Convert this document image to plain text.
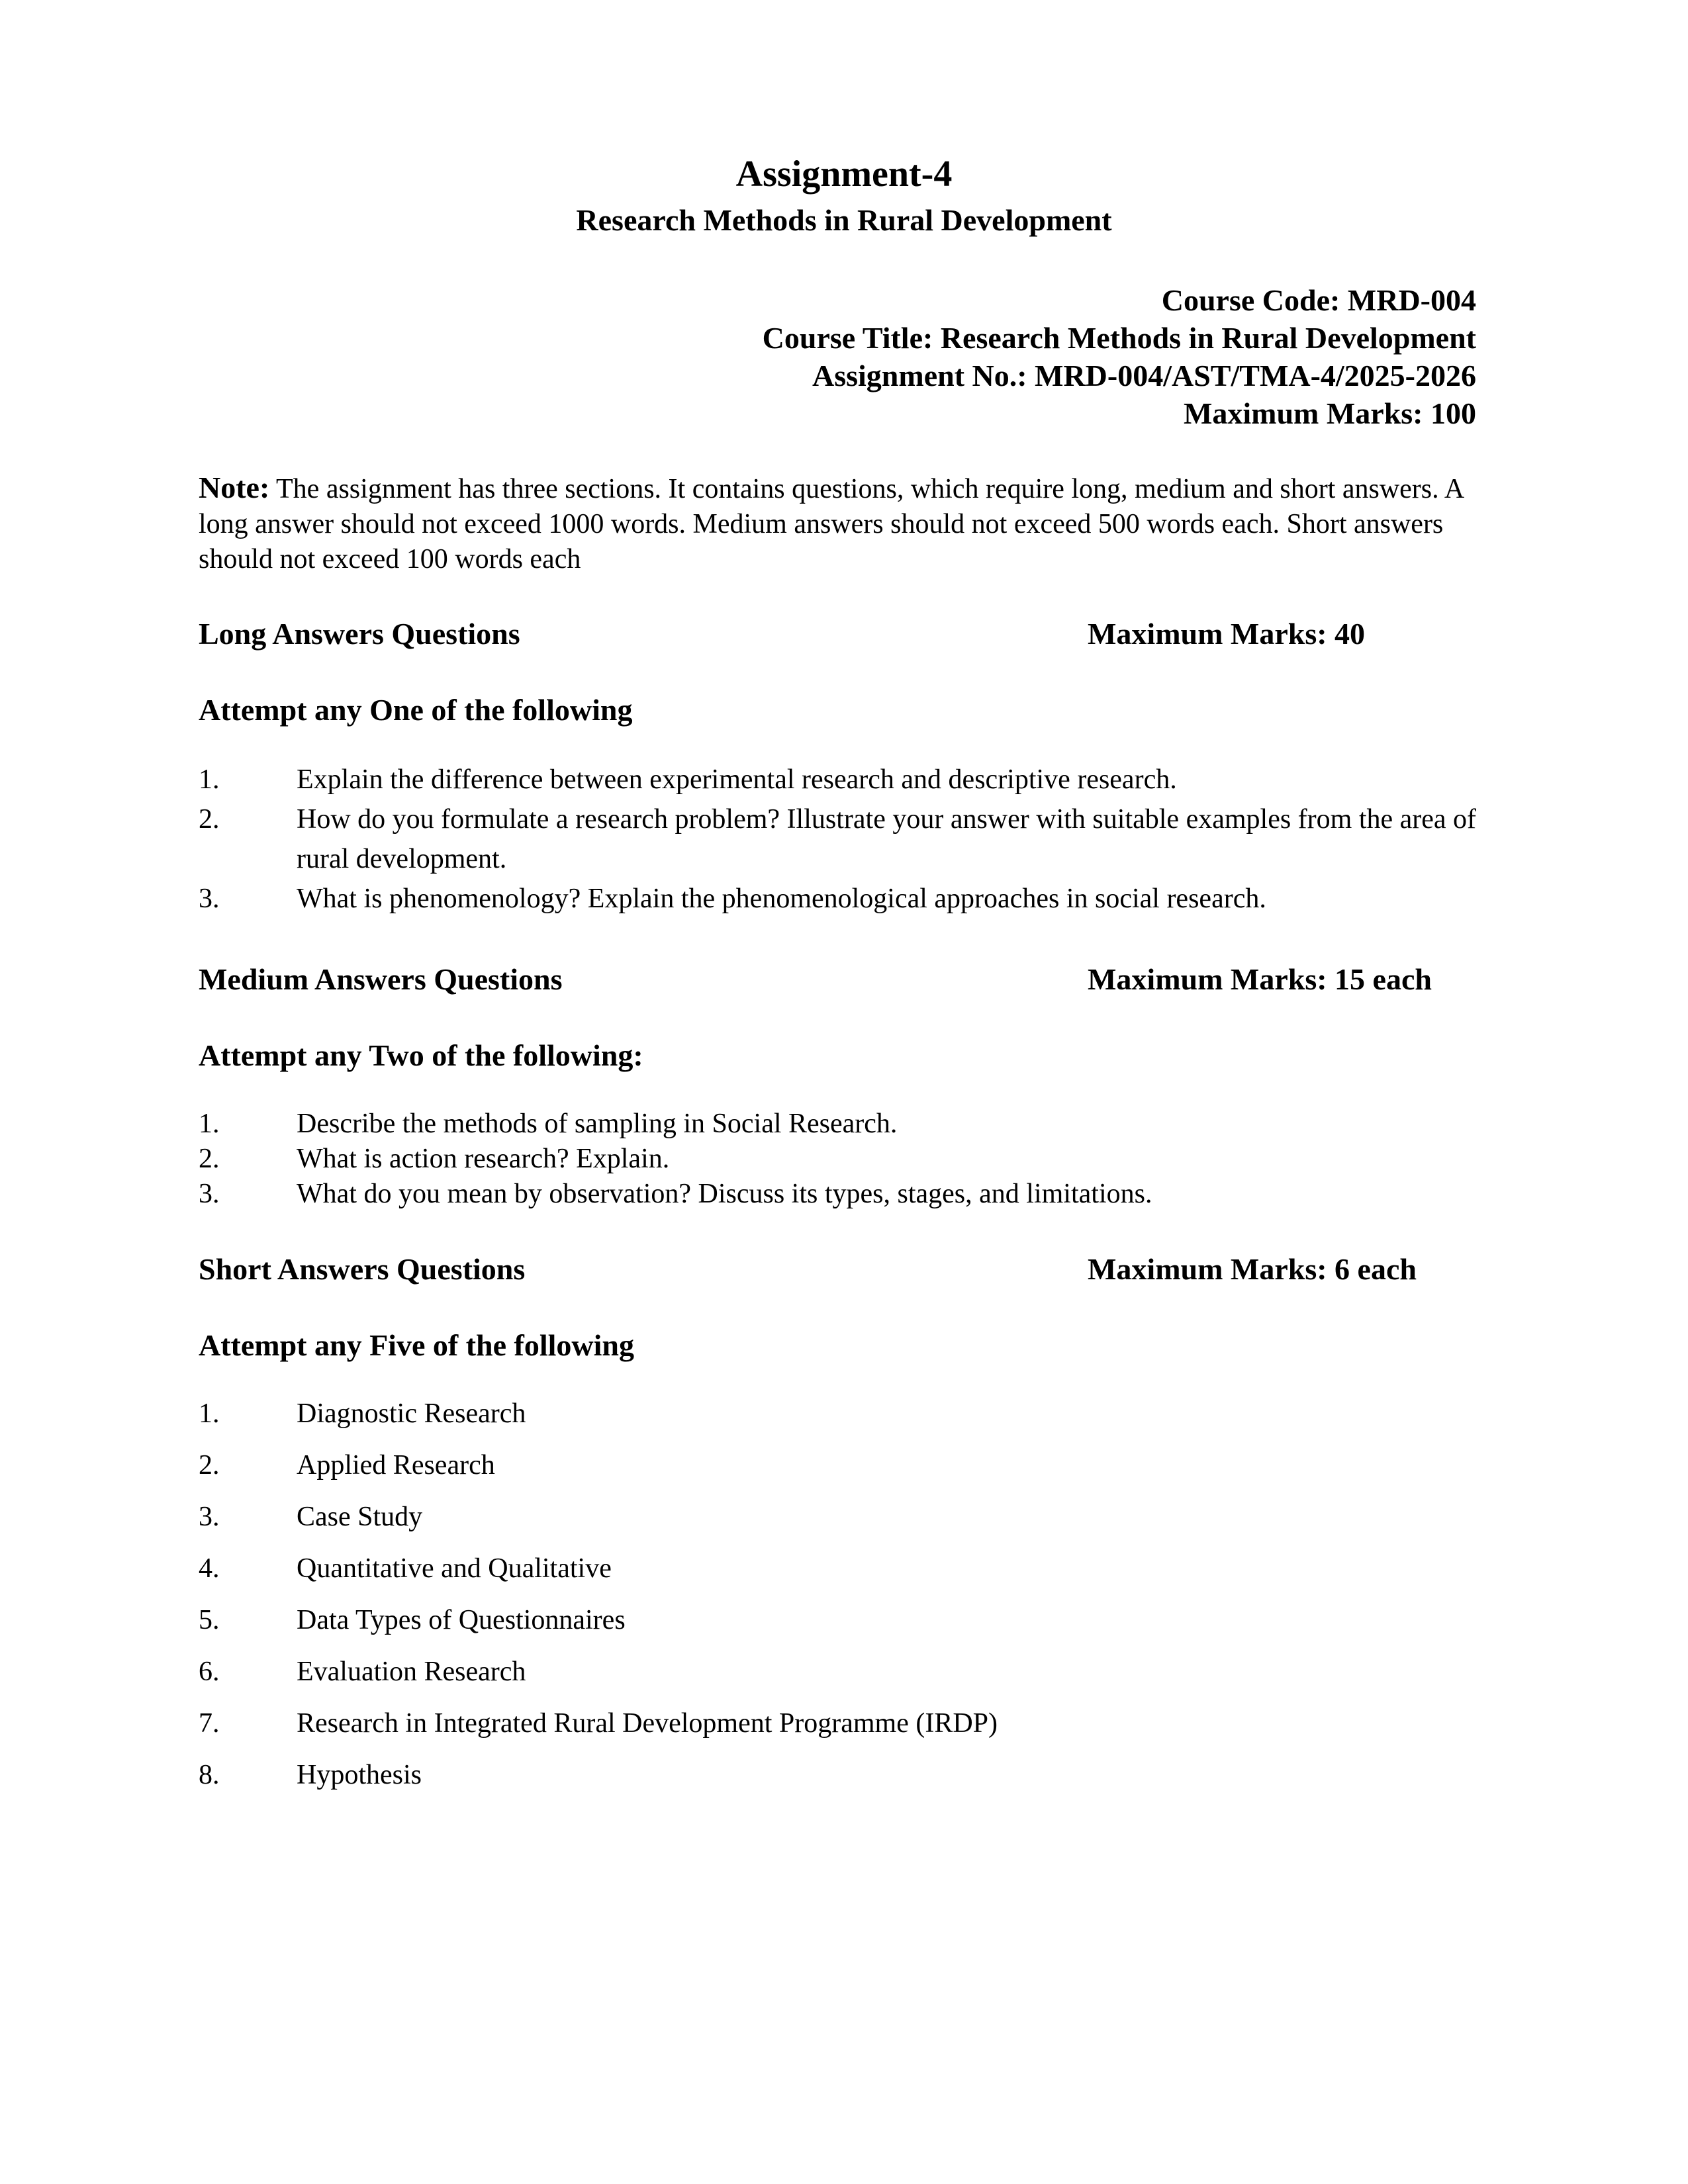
Assignment-4
Research Methods in Rural Development
Course Code: MRD-004
Course Title: Research Methods in Rural Development
Assignment No.: MRD-004/AST/TMA-4/2025-2026
Maximum Marks: 100
Note: The assignment has three sections. It contains questions, which require long, medium and short answers. A long answer should not exceed 1000 words. Medium answers should not exceed 500 words each. Short answers should not exceed 100 words each
Long Answers Questions	Maximum Marks: 40
Attempt any One of the following
1.	Explain the difference between experimental research and descriptive research.
2.	How do you formulate a research problem? Illustrate your answer with suitable examples from the area of rural development.
3.	What is phenomenology? Explain the phenomenological approaches in social research.
Medium Answers Questions	Maximum Marks: 15 each
Attempt any Two of the following:
1.	Describe the methods of sampling in Social Research.
2.	What is action research? Explain.
3.	What do you mean by observation? Discuss its types, stages, and limitations.
Short Answers Questions	Maximum Marks: 6 each
Attempt any Five of the following
1.	Diagnostic Research
2.	Applied Research
3.	Case Study
4.	Quantitative and Qualitative
5.	Data Types of Questionnaires
6.	Evaluation Research
7.	Research in Integrated Rural Development Programme (IRDP)
8.	Hypothesis
